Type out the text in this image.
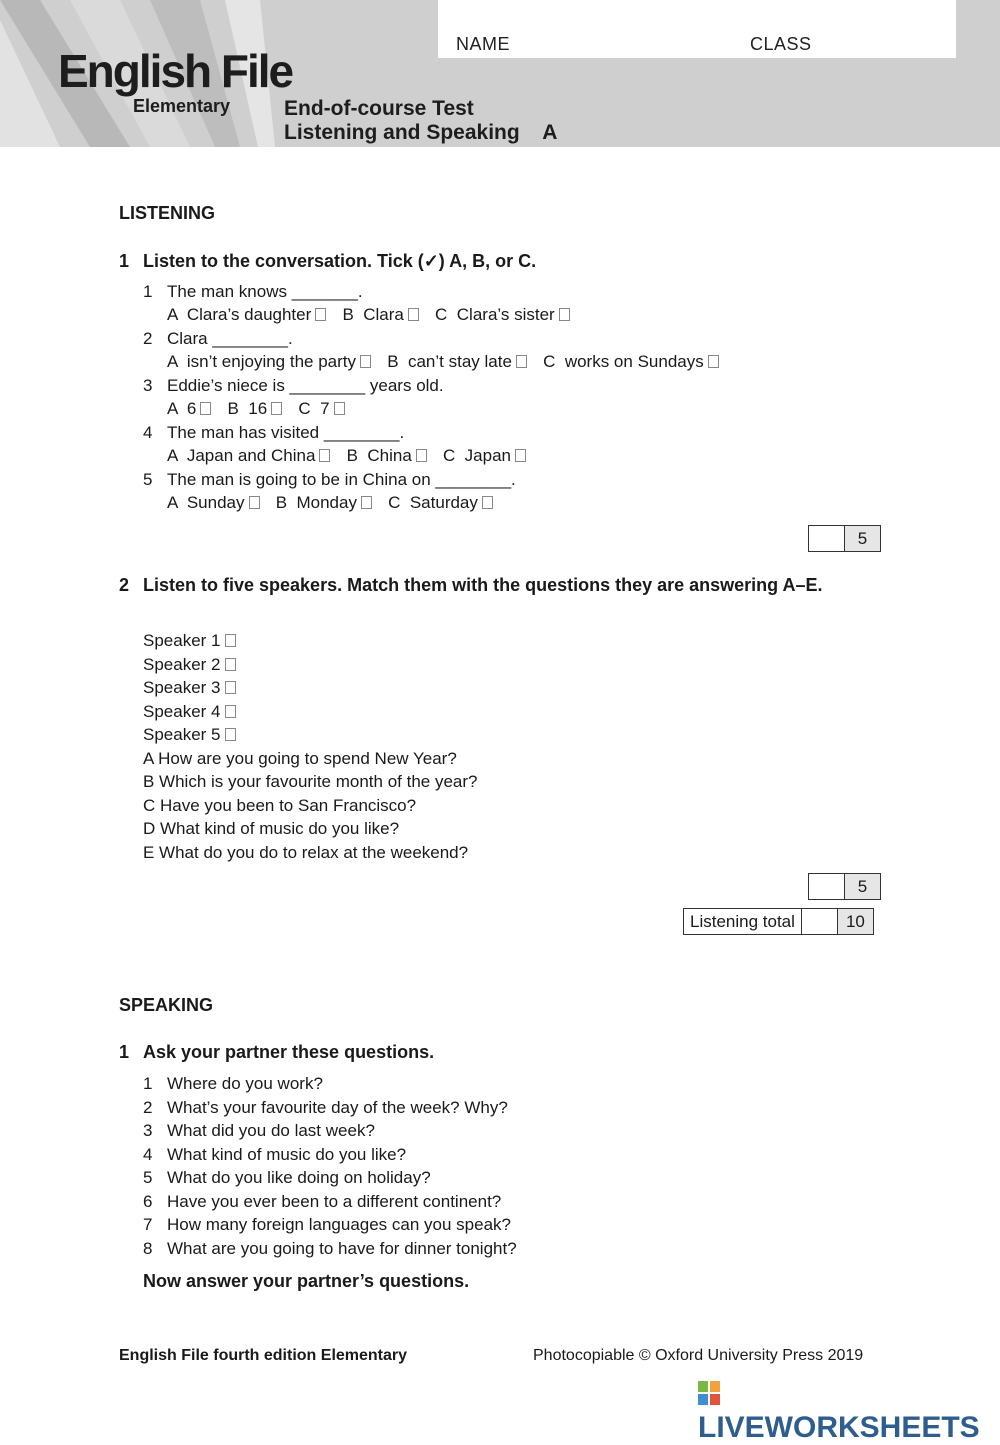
NAME	CLASS
English File
Elementary	End-of-course Test
Listening and Speaking    A
LISTENING
1 Listen to the conversation. Tick (✓) A, B, or C.
1 The man knows _______.
A  Clara’s daughter B  Clara C  Clara’s sister
2 Clara ________.
A  isn’t enjoying the party B  can’t stay late C  works on Sundays
3 Eddie’s niece is ________ years old.
A  6 B  16 C  7
4 The man has visited ________.
A  Japan and China B  China C  Japan
5 The man is going to be in China on ________.
A  Sunday B  Monday C  Saturday
5
2 Listen to five speakers. Match them with the questions they are answering A–E.
Speaker 1
Speaker 2
Speaker 3
Speaker 4
Speaker 5
A How are you going to spend New Year?
B Which is your favourite month of the year?
C Have you been to San Francisco?
D What kind of music do you like?
E What do you do to relax at the weekend?
5
Listening total	10
SPEAKING
1 Ask your partner these questions.
1 Where do you work?
2 What’s your favourite day of the week? Why?
3 What did you do last week?
4 What kind of music do you like?
5 What do you like doing on holiday?
6 Have you ever been to a different continent?
7 How many foreign languages can you speak?
8 What are you going to have for dinner tonight?
Now answer your partner’s questions.
English File fourth edition Elementary	Photocopiable © Oxford University Press 2019
LIVEWORKSHEETS
